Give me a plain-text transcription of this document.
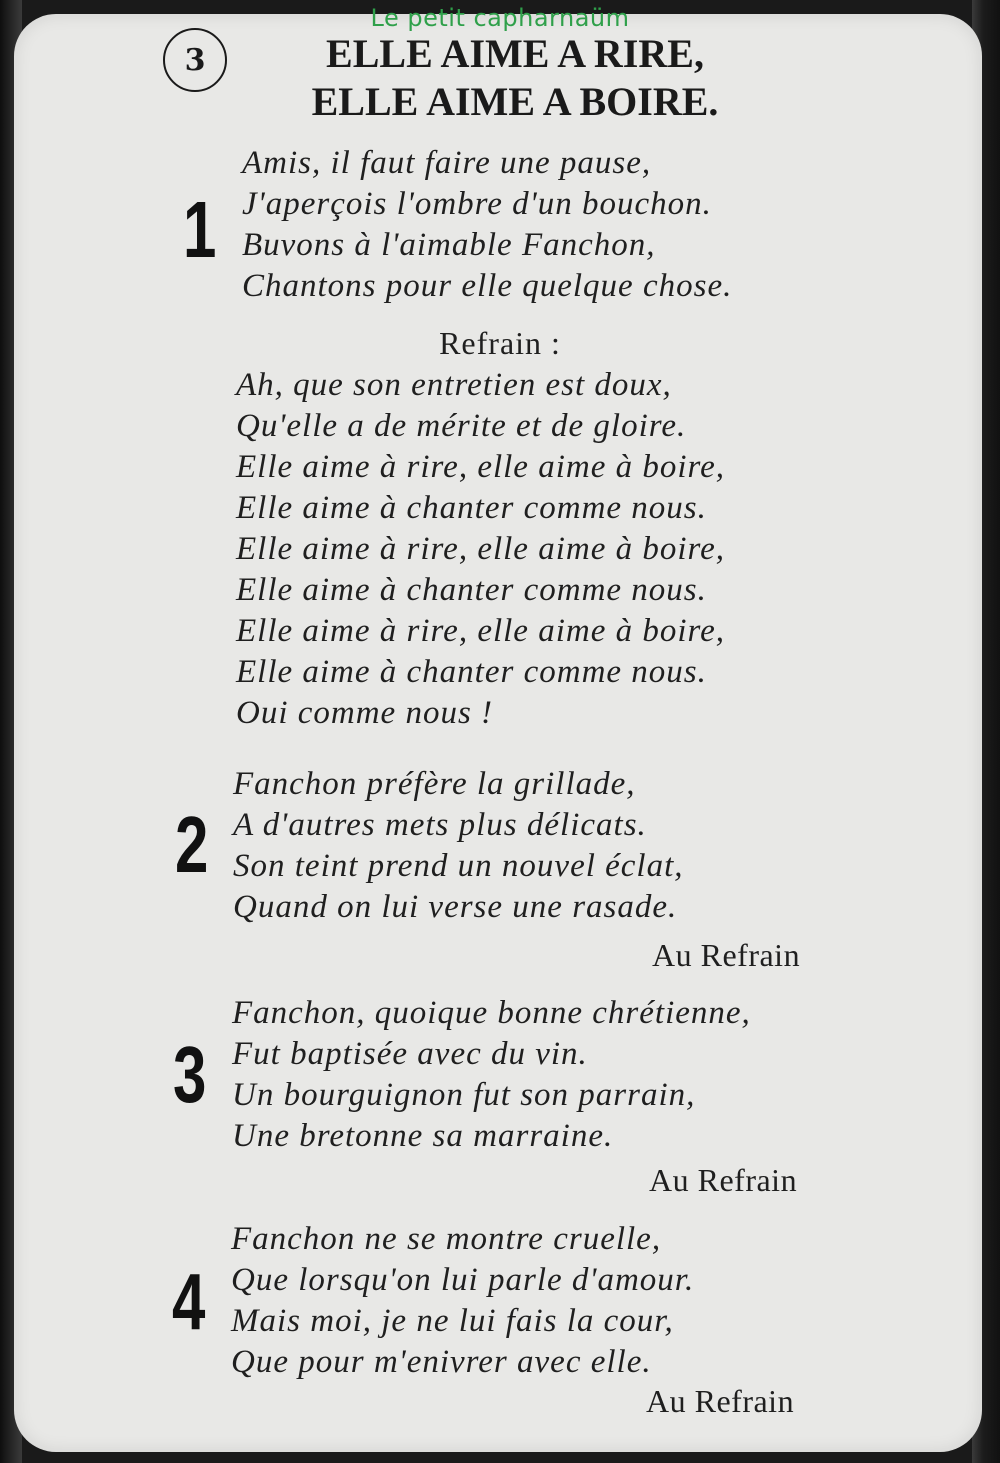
Le petit capharnaüm
3	ELLE AIME A RIRE,
ELLE AIME A BOIRE.
1
Amis, il faut faire une pause,
J'aperçois l'ombre d'un bouchon.
Buvons à l'aimable Fanchon,
Chantons pour elle quelque chose.
Refrain :
Ah, que son entretien est doux,
Qu'elle a de mérite et de gloire.
Elle aime à rire, elle aime à boire,
Elle aime à chanter comme nous.
Elle aime à rire, elle aime à boire,
Elle aime à chanter comme nous.
Elle aime à rire, elle aime à boire,
Elle aime à chanter comme nous.
Oui comme nous !
2
Fanchon préfère la grillade,
A d'autres mets plus délicats.
Son teint prend un nouvel éclat,
Quand on lui verse une rasade.
Au Refrain
3
Fanchon, quoique bonne chrétienne,
Fut baptisée avec du vin.
Un bourguignon fut son parrain,
Une bretonne sa marraine.
Au Refrain
4
Fanchon ne se montre cruelle,
Que lorsqu'on lui parle d'amour.
Mais moi, je ne lui fais la cour,
Que pour m'enivrer avec elle.
Au Refrain
